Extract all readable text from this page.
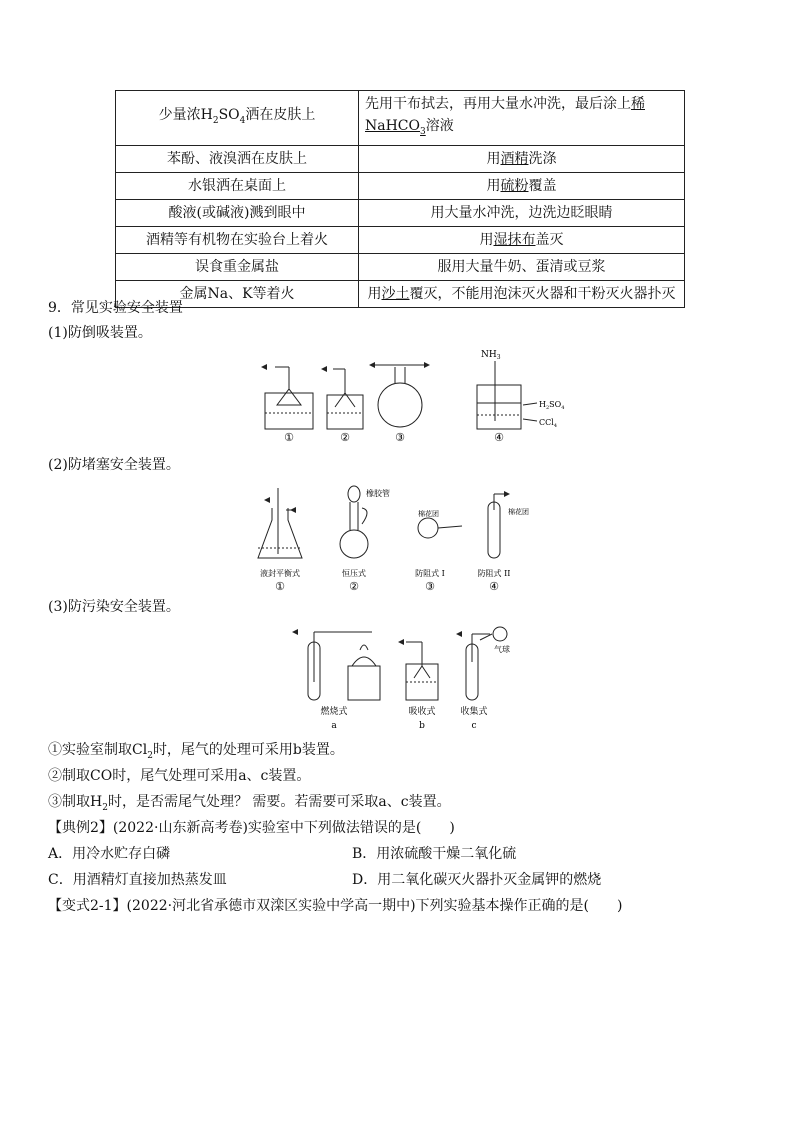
少量浓$H_2SO_4$洒在皮肤上	先用干布拭去，再用大量水冲洗，最后涂上稀
NaHCO$_3$溶液
苯酚、液溴洒在皮肤上	用酒精洗涤
水银洒在桌面上	用硫粉覆盖
酸液(或碱液)溅到眼中	用大量水冲洗，边洗边眨眼睛
酒精等有机物在实验台上着火	用湿抹布盖灭
误食重金属盐	服用大量牛奶、蛋清或豆浆
金属Na、K等着火	用沙土覆灭，不能用泡沫灭火器和干粉灭火器扑灭
9．常见实验安全装置
(1)防倒吸装置。
①	②	③	④
$NH_3$
$H_2SO_4$
CCl$_4$
(2)防堵塞安全装置。
橡胶管
棉花团	棉花团
液封平衡式	恒压式	防阻式 I	防阻式 II
①	②	③	④
(3)防污染安全装置。
气球
燃烧式	吸收式	收集式
a	b	c
①实验室制取$Cl_2$时，尾气的处理可采用b装置。
②制取CO时，尾气处理可采用a、c装置。
③制取$H_2$时，是否需尾气处理？ 需要。若需要可采取a、c装置。
【典例2】(2022·山东新高考卷)实验室中下列做法错误的是(　　)
A．用冷水贮存白磷	B．用浓硫酸干燥二氧化硫
C．用酒精灯直接加热蒸发皿	D．用二氧化碳灭火器扑灭金属钾的燃烧
【变式2-1】(2022·河北省承德市双滦区实验中学高一期中)下列实验基本操作正确的是(　　)
